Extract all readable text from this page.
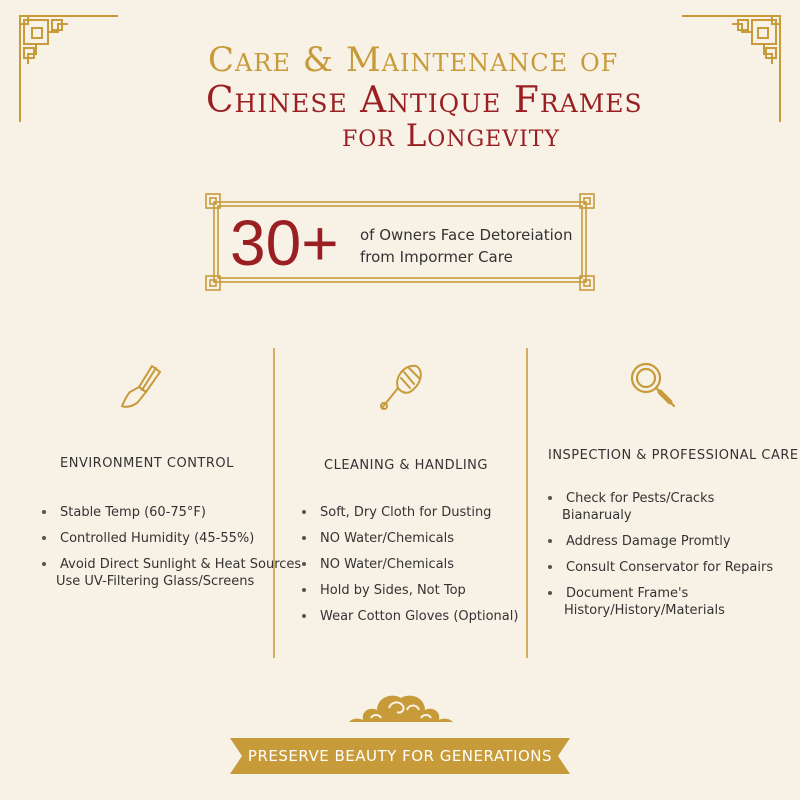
Care & Maintenance of
Chinese Antique Frames
for Longevity
30+ of Owners Face Detoreiation
from Impormer Care
ENVIRONMENT CONTROL
Stable Temp (60-75°F)
Controlled Humidity (45-55%)
Avoid Direct Sunlight & Heat Sources
Use UV-Filtering Glass/Screens
CLEANING & HANDLING
Soft, Dry Cloth for Dusting
NO Water/Chemicals
NO Water/Chemicals
Hold by Sides, Not Top
Wear Cotton Gloves (Optional)
INSPECTION & PROFESSIONAL CARE
Check for Pests/Cracks
Bianarualy
Address Damage Promtly
Consult Conservator for Repairs
Document Frame's
History/History/Materials
PRESERVE BEAUTY FOR GENERATIONS
